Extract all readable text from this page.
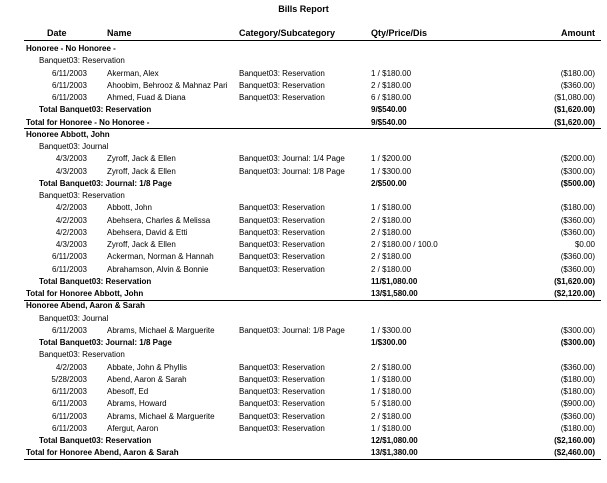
Bills Report
Date	Name	Category/Subcategory	Qty/Price/Dis	Amount
Honoree - No Honoree -
Banquet03: Reservation
6/11/2003	Akerman, Alex	Banquet03: Reservation	1 / $180.00	($180.00)
6/11/2003	Ahoobim, Behrooz & Mahnaz Pari	Banquet03: Reservation	2 / $180.00	($360.00)
6/11/2003	Ahmed, Fuad & Diana	Banquet03: Reservation	6 / $180.00	($1,080.00)
Total Banquet03: Reservation	9/$540.00	($1,620.00)
Total for Honoree - No Honoree -	9/$540.00	($1,620.00)
Honoree Abbott, John
Banquet03: Journal
4/3/2003	Zyroff, Jack & Ellen	Banquet03: Journal: 1/4 Page	1 / $200.00	($200.00)
4/3/2003	Zyroff, Jack & Ellen	Banquet03: Journal: 1/8 Page	1 / $300.00	($300.00)
Total Banquet03: Journal: 1/8 Page	2/$500.00	($500.00)
Banquet03: Reservation
4/2/2003	Abbott, John	Banquet03: Reservation	1 / $180.00	($180.00)
4/2/2003	Abehsera, Charles & Melissa	Banquet03: Reservation	2 / $180.00	($360.00)
4/2/2003	Abehsera, David & Etti	Banquet03: Reservation	2 / $180.00	($360.00)
4/3/2003	Zyroff, Jack & Ellen	Banquet03: Reservation	2 / $180.00 / 100.0	$0.00
6/11/2003	Ackerman, Norman & Hannah	Banquet03: Reservation	2 / $180.00	($360.00)
6/11/2003	Abrahamson, Alvin & Bonnie	Banquet03: Reservation	2 / $180.00	($360.00)
Total Banquet03: Reservation	11/$1,080.00	($1,620.00)
Total for Honoree Abbott, John	13/$1,580.00	($2,120.00)
Honoree Abend, Aaron & Sarah
Banquet03: Journal
6/11/2003	Abrams, Michael & Marguerite	Banquet03: Journal: 1/8 Page	1 / $300.00	($300.00)
Total Banquet03: Journal: 1/8 Page	1/$300.00	($300.00)
Banquet03: Reservation
4/2/2003	Abbate, John & Phyllis	Banquet03: Reservation	2 / $180.00	($360.00)
5/28/2003	Abend, Aaron & Sarah	Banquet03: Reservation	1 / $180.00	($180.00)
6/11/2003	Abesoff, Ed	Banquet03: Reservation	1 / $180.00	($180.00)
6/11/2003	Abrams, Howard	Banquet03: Reservation	5 / $180.00	($900.00)
6/11/2003	Abrams, Michael & Marguerite	Banquet03: Reservation	2 / $180.00	($360.00)
6/11/2003	Afergut, Aaron	Banquet03: Reservation	1 / $180.00	($180.00)
Total Banquet03: Reservation	12/$1,080.00	($2,160.00)
Total for Honoree Abend, Aaron & Sarah	13/$1,380.00	($2,460.00)
